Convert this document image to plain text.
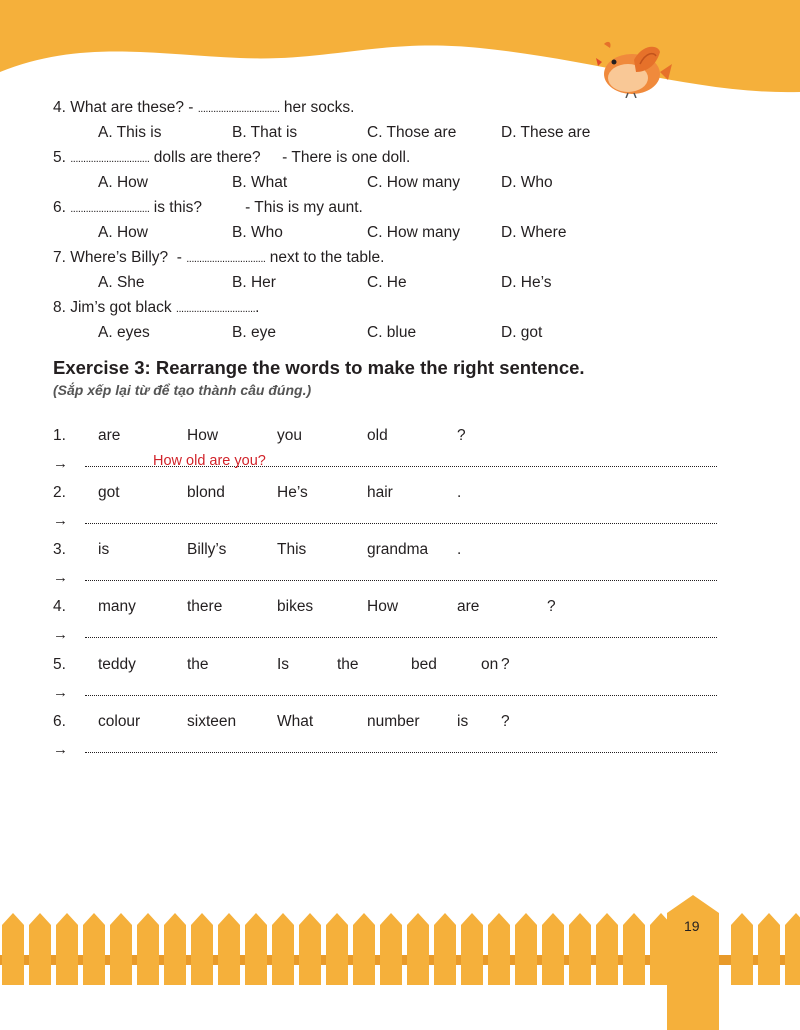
4. What are these? - ................................ her socks.
A. This is	B. That is	C. Those are	D. These are
5. ............................... dolls are there?     - There is one doll.
A. How	B. What	C. How many	D. Who
6. ............................... is this?          - This is my aunt.
A. How	B. Who	C. How many	D. Where
7. Where’s Billy?  - ............................... next to the table.
A. She	B. Her	C. He	D. He’s
8. Jim’s got black ................................
A. eyes	B. eye	C. blue	D. got
Exercise 3: Rearrange the words to make the right sentence.
(Sắp xếp lại từ để tạo thành câu đúng.)
1. are	How	you	old	?
→
2. got	blond	He’s	hair	.
→
3. is	Billy’s	This	grandma .
→
4. many	there	bikes	How	are	?
→
5. teddy	the	Is	the	bed	on ?
→
6. colour	sixteen	What	number is ?
→
How old are you?
19
